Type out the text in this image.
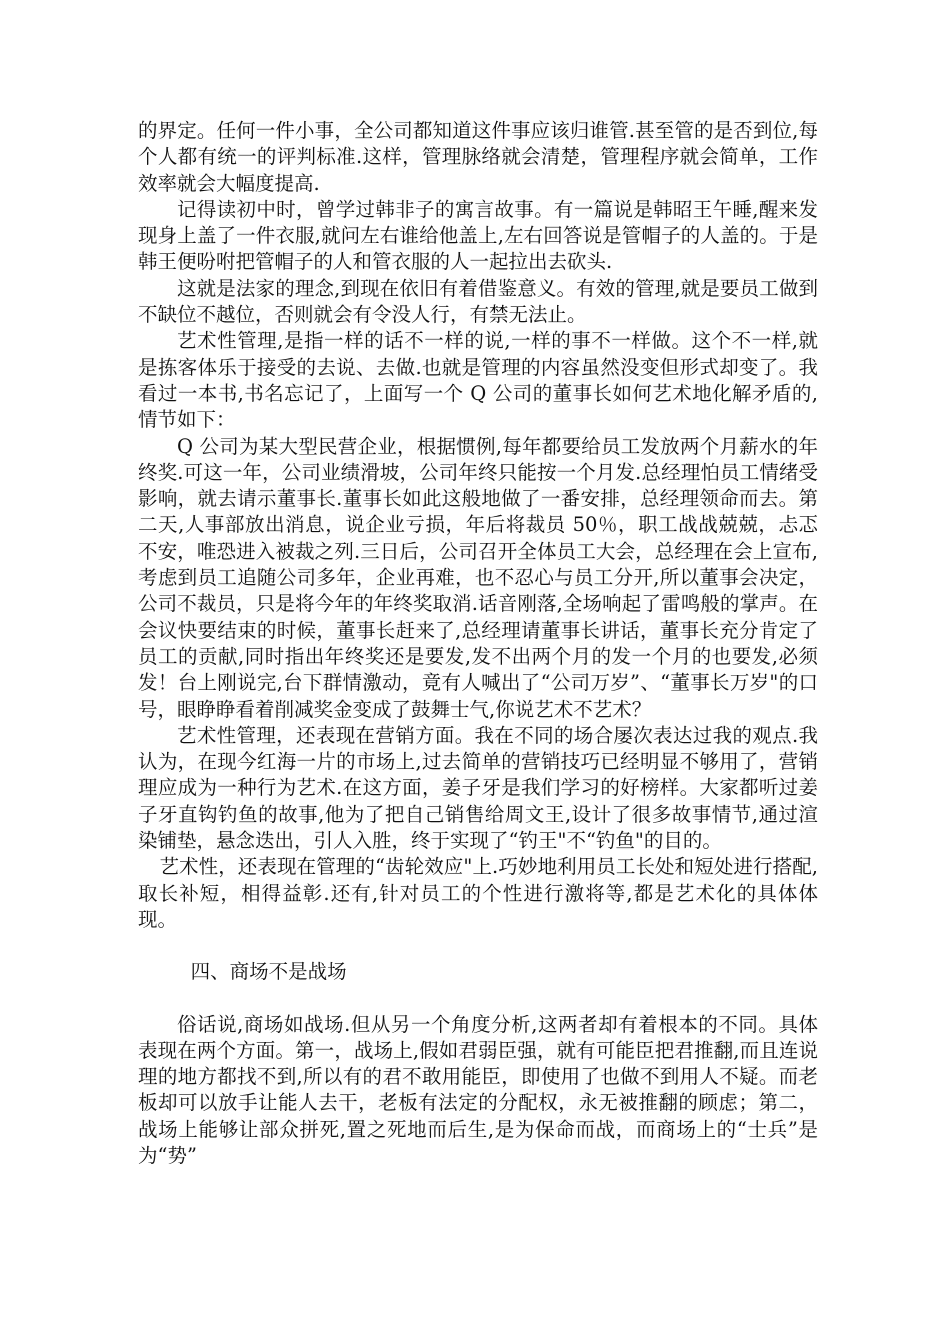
的界定。任何一件小事，全公司都知道这件事应该归谁管.甚至管的是否到位,每个人都有统一的评判标准.这样，管理脉络就会清楚，管理程序就会简单，工作效率就会大幅度提高.

记得读初中时，曾学过韩非子的寓言故事。有一篇说是韩昭王午睡,醒来发现身上盖了一件衣服,就问左右谁给他盖上,左右回答说是管帽子的人盖的。于是韩王便吩咐把管帽子的人和管衣服的人一起拉出去砍头.

这就是法家的理念,到现在依旧有着借鉴意义。有效的管理,就是要员工做到不缺位不越位，否则就会有令没人行，有禁无法止。

艺术性管理,是指一样的话不一样的说,一样的事不一样做。这个不一样,就是拣客体乐于接受的去说、去做.也就是管理的内容虽然没变但形式却变了。我看过一本书,书名忘记了，上面写一个 Q 公司的董事长如何艺术地化解矛盾的,情节如下：

Q 公司为某大型民营企业，根据惯例,每年都要给员工发放两个月薪水的年终奖.可这一年，公司业绩滑坡，公司年终只能按一个月发.总经理怕员工情绪受影响，就去请示董事长.董事长如此这般地做了一番安排，总经理领命而去。第二天,人事部放出消息，说企业亏损，年后将裁员 50％，职工战战兢兢，忐忑不安，唯恐进入被裁之列.三日后，公司召开全体员工大会，总经理在会上宣布,考虑到员工追随公司多年，企业再难，也不忍心与员工分开,所以董事会决定，公司不裁员，只是将今年的年终奖取消.话音刚落,全场响起了雷鸣般的掌声。在会议快要结束的时候，董事长赶来了,总经理请董事长讲话，董事长充分肯定了员工的贡献,同时指出年终奖还是要发,发不出两个月的发一个月的也要发,必须发！台上刚说完,台下群情激动，竟有人喊出了“公司万岁”、“董事长万岁"的口号，眼睁睁看着削减奖金变成了鼓舞士气,你说艺术不艺术？

艺术性管理，还表现在营销方面。我在不同的场合屡次表达过我的观点.我认为，在现今红海一片的市场上,过去简单的营销技巧已经明显不够用了，营销理应成为一种行为艺术.在这方面，姜子牙是我们学习的好榜样。大家都听过姜子牙直钩钓鱼的故事,他为了把自己销售给周文王,设计了很多故事情节,通过渲染铺垫，悬念迭出，引人入胜，终于实现了“钓王"不“钓鱼"的目的。

艺术性，还表现在管理的“齿轮效应"上.巧妙地利用员工长处和短处进行搭配,取长补短，相得益彰.还有,针对员工的个性进行激将等,都是艺术化的具体体现。

四、商场不是战场

俗话说,商场如战场.但从另一个角度分析,这两者却有着根本的不同。具体表现在两个方面。第一，战场上,假如君弱臣强，就有可能臣把君推翻,而且连说理的地方都找不到,所以有的君不敢用能臣，即使用了也做不到用人不疑。而老板却可以放手让能人去干，老板有法定的分配权，永无被推翻的顾虑；第二，战场上能够让部众拼死,置之死地而后生,是为保命而战，而商场上的“士兵”是为“势”
